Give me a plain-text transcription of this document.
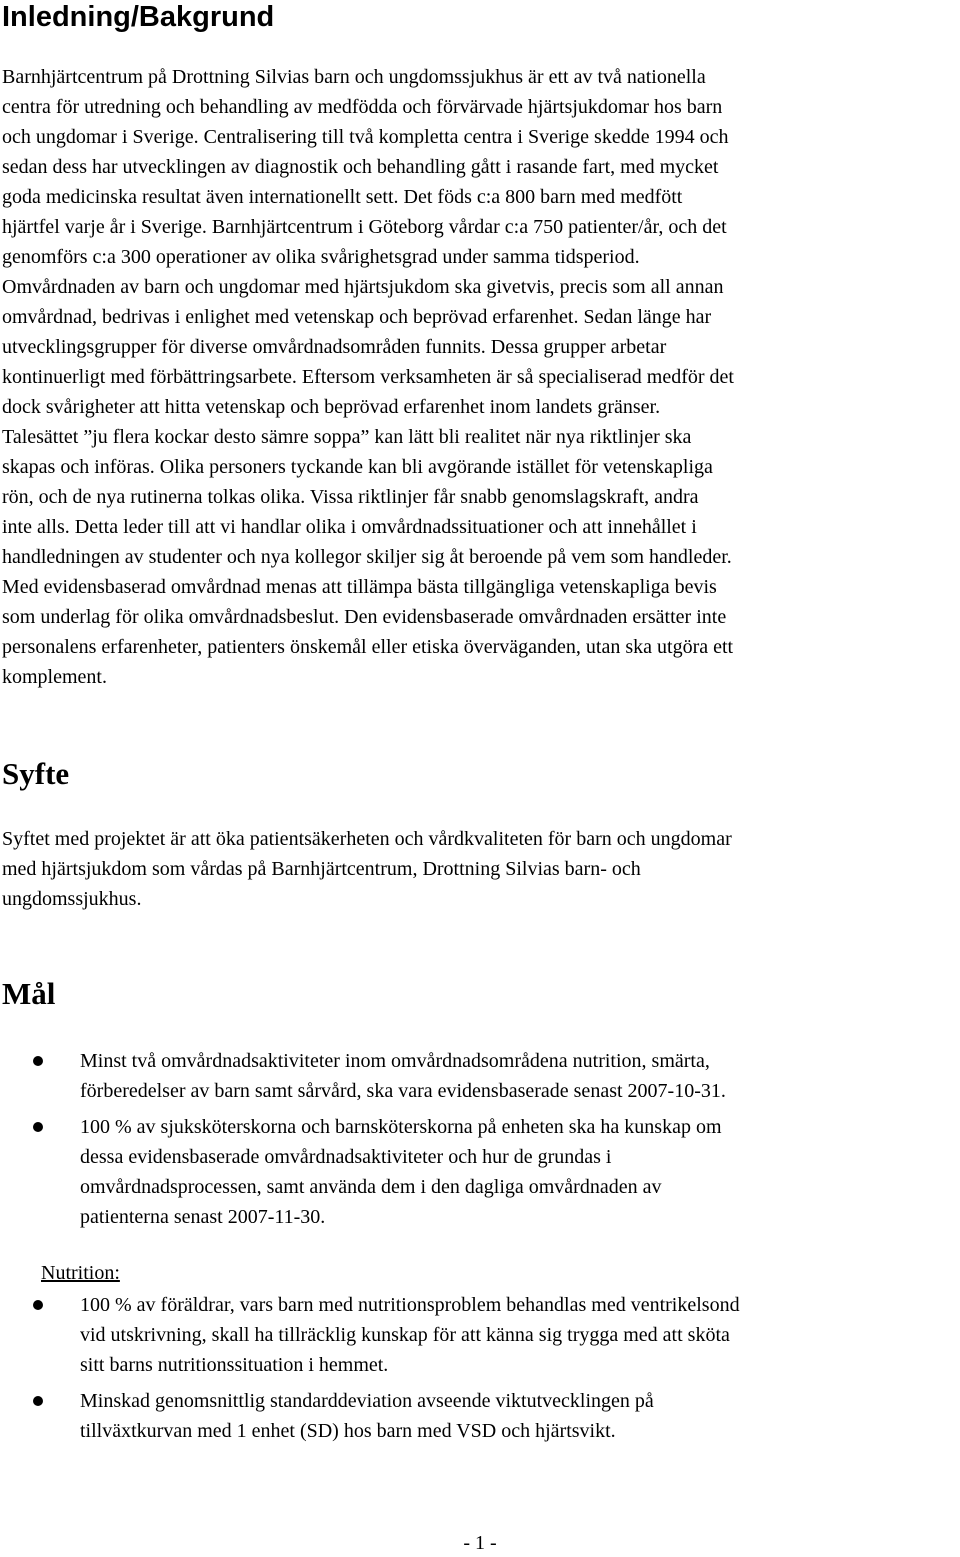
Inledning/Bakgrund
Barnhjärtcentrum på Drottning Silvias barn och ungdomssjukhus är ett av två nationella
centra för utredning och behandling av medfödda och förvärvade hjärtsjukdomar hos barn
och ungdomar i Sverige. Centralisering till två kompletta centra i Sverige skedde 1994 och
sedan dess har utvecklingen av diagnostik och behandling gått i rasande fart, med mycket
goda medicinska resultat även internationellt sett. Det föds c:a 800 barn med medfött
hjärtfel varje år i Sverige. Barnhjärtcentrum i Göteborg vårdar c:a 750 patienter/år, och det
genomförs c:a 300 operationer av olika svårighetsgrad under samma tidsperiod.
Omvårdnaden av barn och ungdomar med hjärtsjukdom ska givetvis, precis som all annan
omvårdnad, bedrivas i enlighet med vetenskap och beprövad erfarenhet. Sedan länge har
utvecklingsgrupper för diverse omvårdnadsområden funnits. Dessa grupper arbetar
kontinuerligt med förbättringsarbete. Eftersom verksamheten är så specialiserad medför det
dock svårigheter att hitta vetenskap och beprövad erfarenhet inom landets gränser.
Talesättet ”ju flera kockar desto sämre soppa” kan lätt bli realitet när nya riktlinjer ska
skapas och införas. Olika personers tyckande kan bli avgörande istället för vetenskapliga
rön, och de nya rutinerna tolkas olika. Vissa riktlinjer får snabb genomslagskraft, andra
inte alls. Detta leder till att vi handlar olika i omvårdnadssituationer och att innehållet i
handledningen av studenter och nya kollegor skiljer sig åt beroende på vem som handleder.
Med evidensbaserad omvårdnad menas att tillämpa bästa tillgängliga vetenskapliga bevis
som underlag för olika omvårdnadsbeslut. Den evidensbaserade omvårdnaden ersätter inte
personalens erfarenheter, patienters önskemål eller etiska överväganden, utan ska utgöra ett
komplement.
Syfte
Syftet med projektet är att öka patientsäkerheten och vårdkvaliteten för barn och ungdomar
med hjärtsjukdom som vårdas på Barnhjärtcentrum, Drottning Silvias barn- och
ungdomssjukhus.
Mål
Minst två omvårdnadsaktiviteter inom omvårdnadsområdena nutrition, smärta,
förberedelser av barn samt sårvård, ska vara evidensbaserade senast 2007-10-31.
100 % av sjuksköterskorna och barnsköterskorna på enheten ska ha kunskap om
dessa evidensbaserade omvårdnadsaktiviteter och hur de grundas i
omvårdnadsprocessen, samt använda dem i den dagliga omvårdnaden av
patienterna senast 2007-11-30.
Nutrition:
100 % av föräldrar, vars barn med nutritionsproblem behandlas med ventrikelsond
vid utskrivning, skall ha tillräcklig kunskap för att känna sig trygga med att sköta
sitt barns nutritionssituation i hemmet.
Minskad genomsnittlig standarddeviation avseende viktutvecklingen på
tillväxtkurvan med 1 enhet (SD) hos barn med VSD och hjärtsvikt.
- 1 -
